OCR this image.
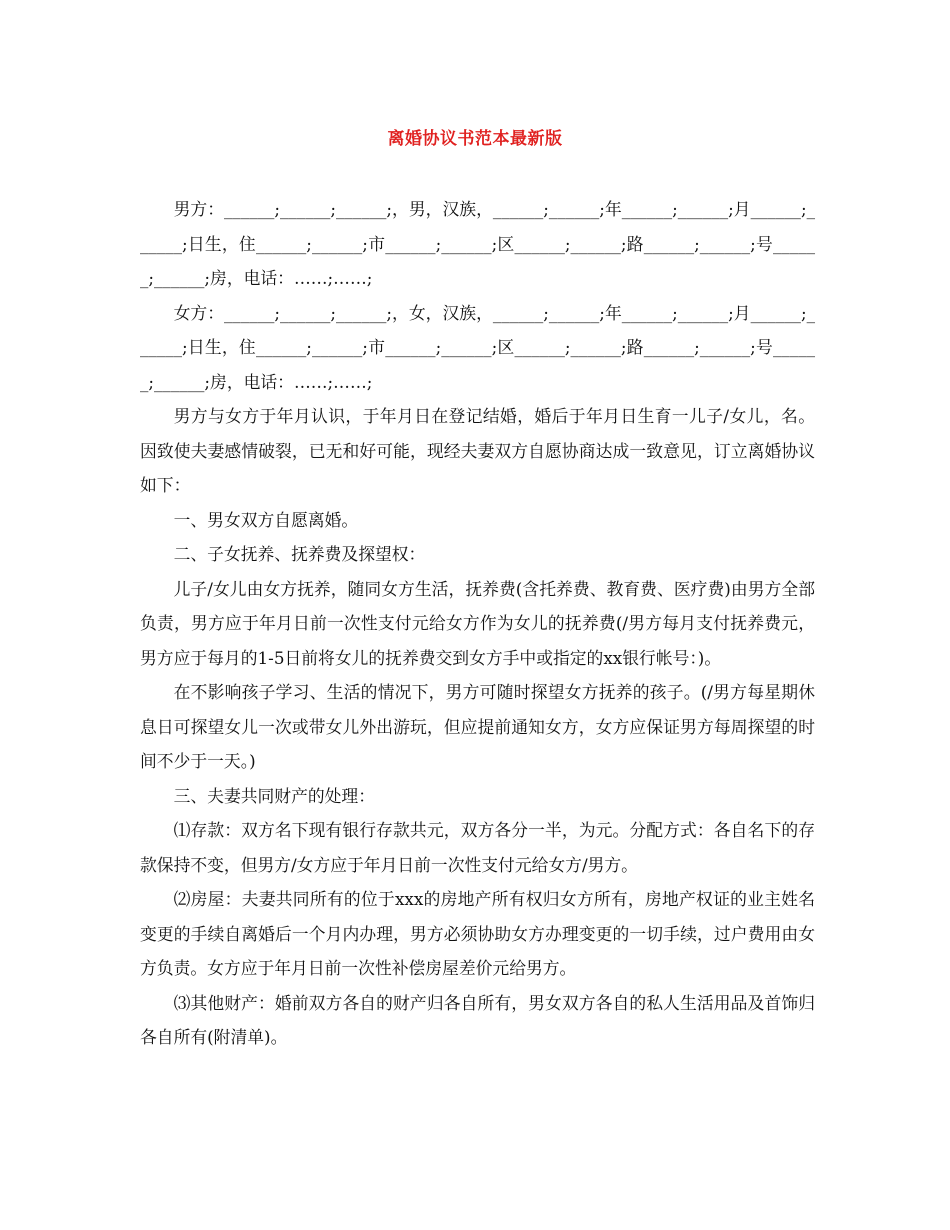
离婚协议书范本最新版

男方：______;______;______;，男，汉族，______;______;年______;______;月______;______;日生，住______;______;市______;______;区______;______;路______;______;号______;______;房，电话：……;……;

女方：______;______;______;，女，汉族，______;______;年______;______;月______;______;日生，住______;______;市______;______;区______;______;路______;______;号______;______;房，电话：……;……;

男方与女方于年月认识，于年月日在登记结婚，婚后于年月日生育一儿子/女儿，名。因致使夫妻感情破裂，已无和好可能，现经夫妻双方自愿协商达成一致意见，订立离婚协议如下：

一、男女双方自愿离婚。

二、子女抚养、抚养费及探望权：

儿子/女儿由女方抚养，随同女方生活，抚养费(含托养费、教育费、医疗费)由男方全部负责，男方应于年月日前一次性支付元给女方作为女儿的抚养费(/男方每月支付抚养费元，男方应于每月的1-5日前将女儿的抚养费交到女方手中或指定的xx银行帐号：)。

在不影响孩子学习、生活的情况下，男方可随时探望女方抚养的孩子。(/男方每星期休息日可探望女儿一次或带女儿外出游玩，但应提前通知女方，女方应保证男方每周探望的时间不少于一天。)

三、夫妻共同财产的处理：

⑴存款：双方名下现有银行存款共元，双方各分一半，为元。分配方式：各自名下的存款保持不变，但男方/女方应于年月日前一次性支付元给女方/男方。

⑵房屋：夫妻共同所有的位于xxx的房地产所有权归女方所有，房地产权证的业主姓名变更的手续自离婚后一个月内办理，男方必须协助女方办理变更的一切手续，过户费用由女方负责。女方应于年月日前一次性补偿房屋差价元给男方。

⑶其他财产：婚前双方各自的财产归各自所有，男女双方各自的私人生活用品及首饰归各自所有(附清单)。
